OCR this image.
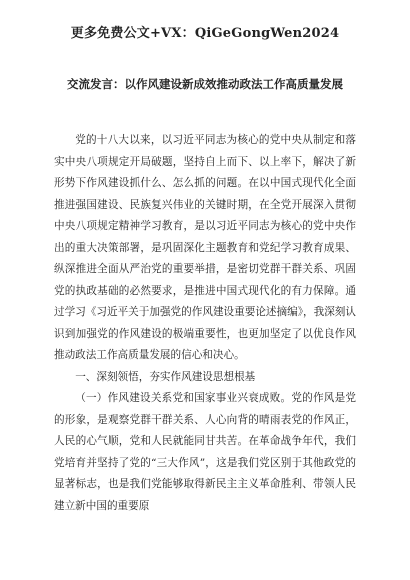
更多免费公文+VX：QiGeGongWen2024
交流发言：以作风建设新成效推动政法工作高质量发展

党的十八大以来，以习近平同志为核心的党中央从制定和落实中央八项规定开局破题，坚持自上而下、以上率下，解决了新形势下作风建设抓什么、怎么抓的问题。在以中国式现代化全面推进强国建设、民族复兴伟业的关键时期，在全党开展深入贯彻中央八项规定精神学习教育，是以习近平同志为核心的党中央作出的重大决策部署，是巩固深化主题教育和党纪学习教育成果、纵深推进全面从严治党的重要举措，是密切党群干群关系、巩固党的执政基础的必然要求，是推进中国式现代化的有力保障。通过学习《习近平关于加强党的作风建设重要论述摘编》，我深刻认识到加强党的作风建设的极端重要性，也更加坚定了以优良作风推动政法工作高质量发展的信心和决心。

一、深刻领悟，夯实作风建设思想根基

（一）作风建设关系党和国家事业兴衰成败。党的作风是党的形象，是观察党群干群关系、人心向背的晴雨表党的作风正，人民的心气顺，党和人民就能同甘共苦。在革命战争年代，我们党培育并坚持了党的“三大作风”，这是我们党区别于其他政党的显著标志，也是我们党能够取得新民主主义革命胜利、带领人民建立新中国的重要原
